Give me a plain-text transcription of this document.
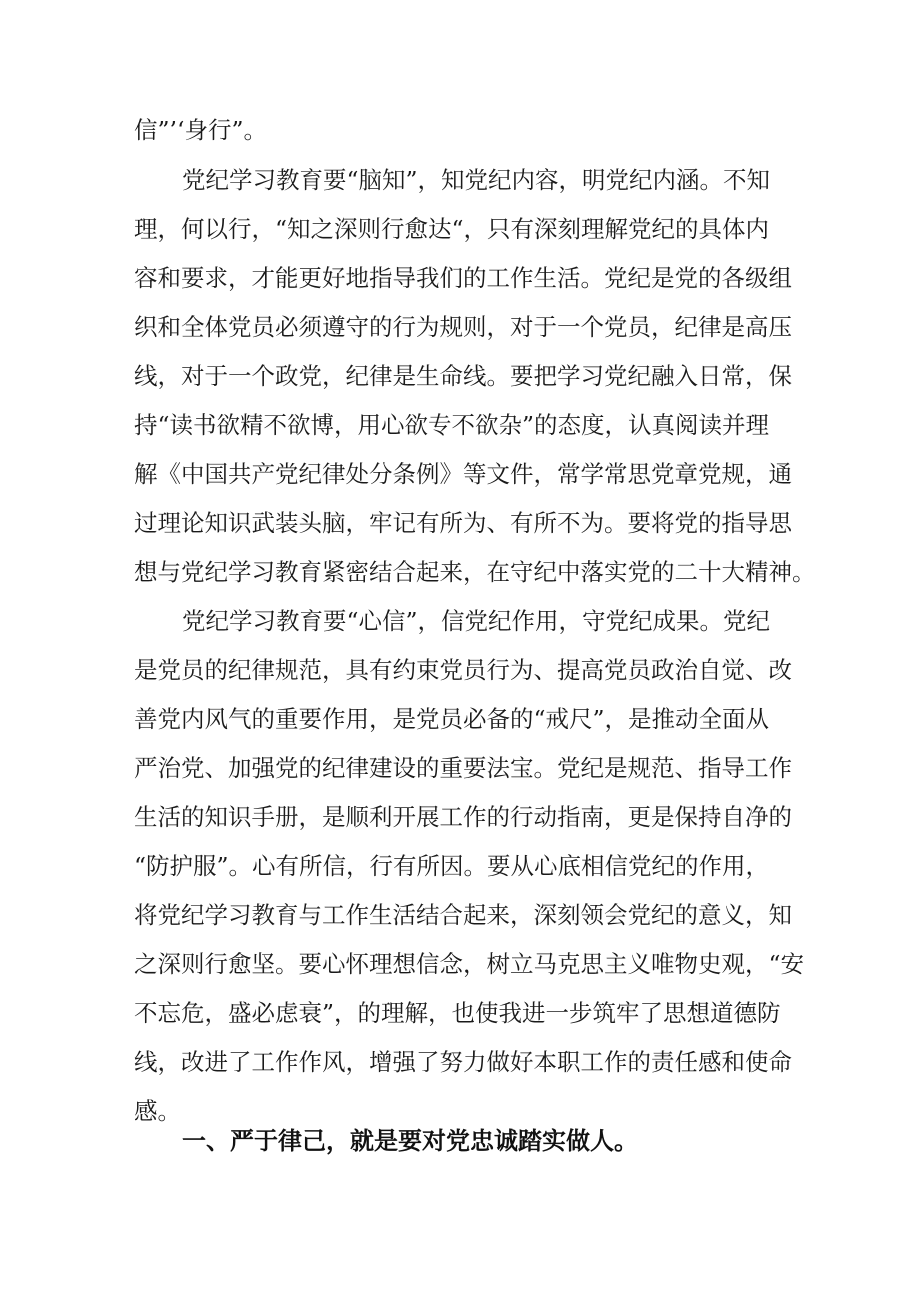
信”’‘身行”。

党纪学习教育要“脑知”，知党纪内容，明党纪内涵。不知

理，何以行，“知之深则行愈达“，只有深刻理解党纪的具体内

容和要求，才能更好地指导我们的工作生活。党纪是党的各级组

织和全体党员必须遵守的行为规则，对于一个党员，纪律是高压

线，对于一个政党，纪律是生命线。要把学习党纪融入日常，保

持“读书欲精不欲博，用心欲专不欲杂”的态度，认真阅读并理

解《中国共产党纪律处分条例》等文件，常学常思党章党规，通

过理论知识武装头脑，牢记有所为、有所不为。要将党的指导思

想与党纪学习教育紧密结合起来，在守纪中落实党的二十大精神。

党纪学习教育要“心信”，信党纪作用，守党纪成果。党纪

是党员的纪律规范，具有约束党员行为、提高党员政治自觉、改

善党内风气的重要作用，是党员必备的“戒尺”，是推动全面从

严治党、加强党的纪律建设的重要法宝。党纪是规范、指导工作

生活的知识手册，是顺利开展工作的行动指南，更是保持自净的

“防护服”。心有所信，行有所因。要从心底相信党纪的作用，

将党纪学习教育与工作生活结合起来，深刻领会党纪的意义，知

之深则行愈坚。要心怀理想信念，树立马克思主义唯物史观，“安

不忘危，盛必虑衰”，的理解，也使我进一步筑牢了思想道德防

线，改进了工作作风，增强了努力做好本职工作的责任感和使命

感。

一、严于律己，就是要对党忠诚踏实做人。
